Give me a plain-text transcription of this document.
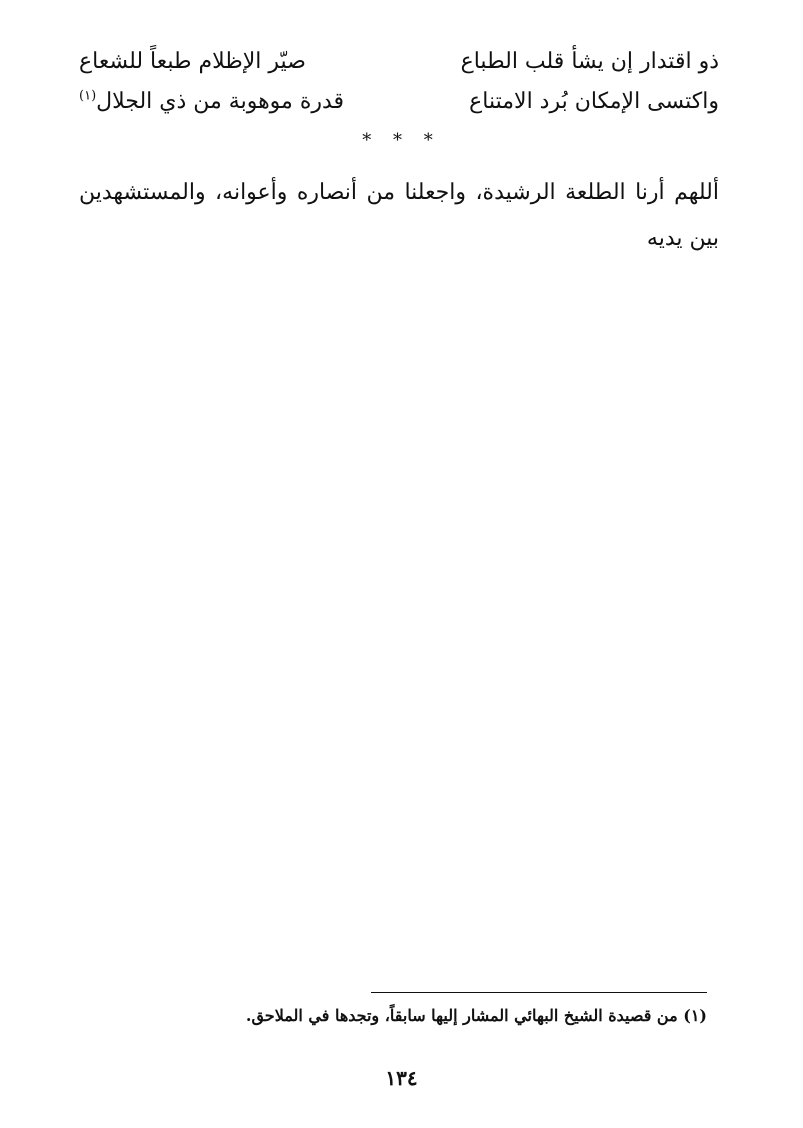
ذو اقتدار إن يشأ قلب الطباع
صيّر الإظلام طبعاً للشعاع
واكتسى الإمكان بُرد الامتناع
قدرة موهوبة من ذي الجلال$^{(١)}$
* * *

أللهم أرنا الطلعة الرشيدة، واجعلنا من أنصاره وأعوانه، والمستشهدين بين يديه

(١) من قصيدة الشيخ البهائي المشار إليها سابقاً، وتجدها في الملاحق.

١٣٤
